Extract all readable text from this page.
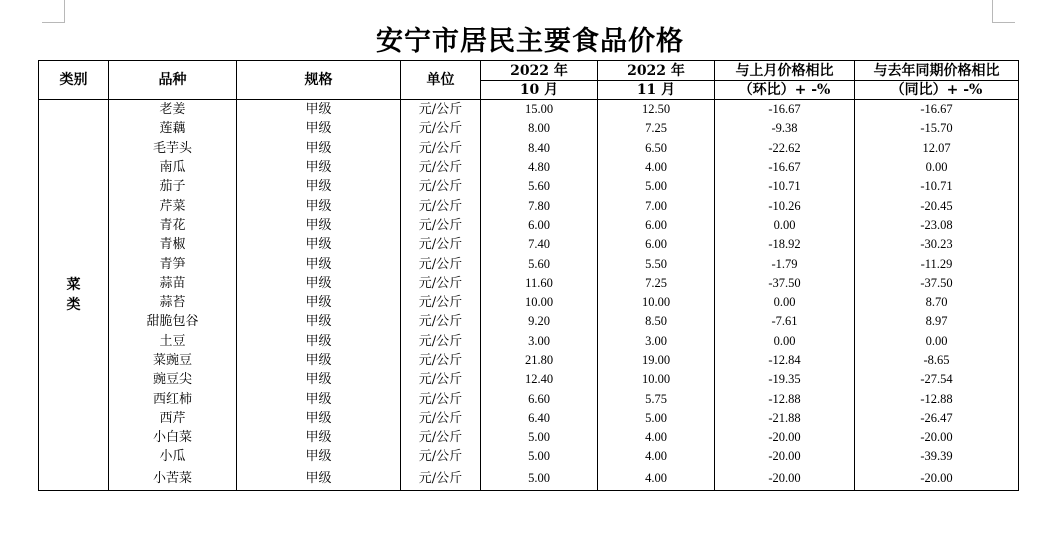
安宁市居民主要食品价格
类别	品种	规格	单位	2022 年	2022 年	与上月价格相比	与去年同期价格相比
				10 月	11 月	（环比）+ -%	（同比）+ -%
菜类	老姜	甲级	元/公斤	15.00	12.50	-16.67	-16.67
	莲藕	甲级	元/公斤	8.00	7.25	-9.38	-15.70
	毛芋头	甲级	元/公斤	8.40	6.50	-22.62	12.07
	南瓜	甲级	元/公斤	4.80	4.00	-16.67	0.00
	茄子	甲级	元/公斤	5.60	5.00	-10.71	-10.71
	芹菜	甲级	元/公斤	7.80	7.00	-10.26	-20.45
	青花	甲级	元/公斤	6.00	6.00	0.00	-23.08
	青椒	甲级	元/公斤	7.40	6.00	-18.92	-30.23
	青笋	甲级	元/公斤	5.60	5.50	-1.79	-11.29
	蒜苗	甲级	元/公斤	11.60	7.25	-37.50	-37.50
	蒜苔	甲级	元/公斤	10.00	10.00	0.00	8.70
	甜脆包谷	甲级	元/公斤	9.20	8.50	-7.61	8.97
	土豆	甲级	元/公斤	3.00	3.00	0.00	0.00
	菜豌豆	甲级	元/公斤	21.80	19.00	-12.84	-8.65
	豌豆尖	甲级	元/公斤	12.40	10.00	-19.35	-27.54
	西红柿	甲级	元/公斤	6.60	5.75	-12.88	-12.88
	西芹	甲级	元/公斤	6.40	5.00	-21.88	-26.47
	小白菜	甲级	元/公斤	5.00	4.00	-20.00	-20.00
	小瓜	甲级	元/公斤	5.00	4.00	-20.00	-39.39
	小苦菜	甲级	元/公斤	5.00	4.00	-20.00	-20.00
